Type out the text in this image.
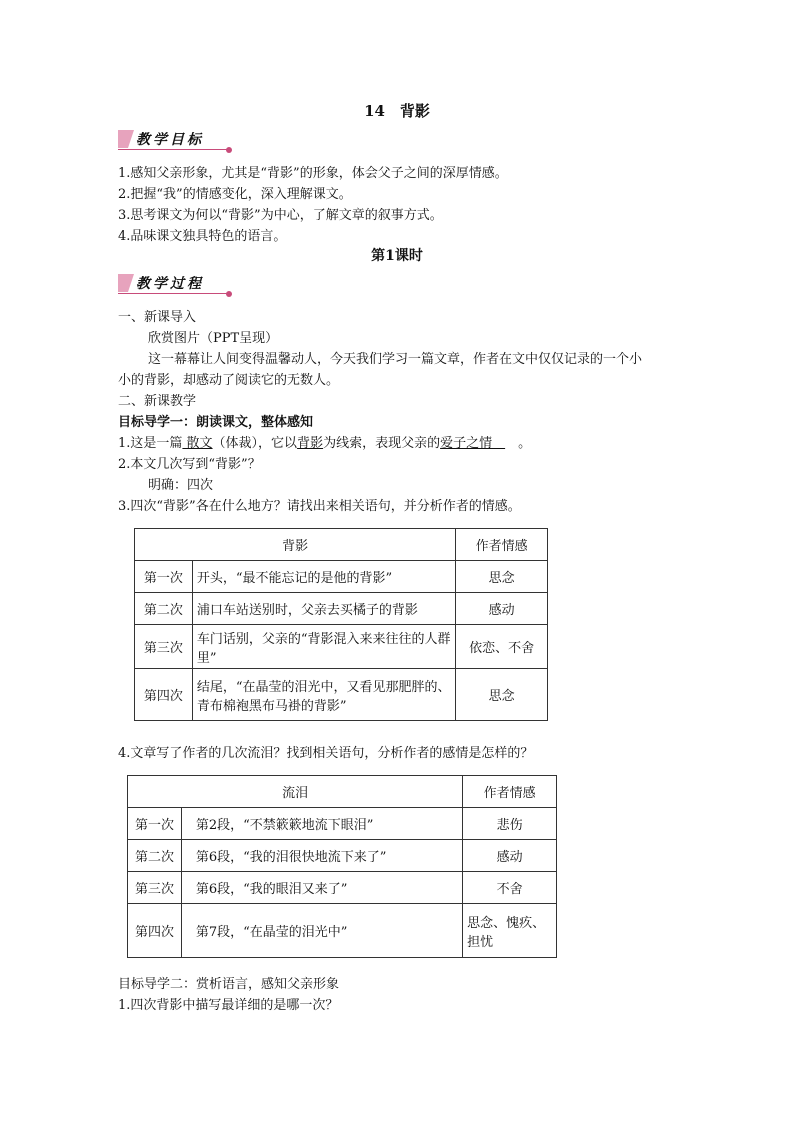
14　背影
教学目标
1.感知父亲形象，尤其是“背影”的形象，体会父子之间的深厚情感。
2.把握“我”的情感变化，深入理解课文。
3.思考课文为何以“背影”为中心，了解文章的叙事方式。
4.品味课文独具特色的语言。
第1课时
教学过程
一、新课导入
欣赏图片（PPT呈现）
这一幕幕让人间变得温馨动人，今天我们学习一篇文章，作者在文中仅仅记录的一个小
小的背影，却感动了阅读它的无数人。
二、新课教学
目标导学一：朗读课文，整体感知
1.这是一篇 散文（体裁），它以背影为线索，表现父亲的爱子之情　　。
2.本文几次写到“背影”？
明确：四次
3.四次“背影”各在什么地方？请找出来相关语句，并分析作者的情感。
背影		作者情感
第一次	开头，“最不能忘记的是他的背影”	思念
第二次	浦口车站送别时，父亲去买橘子的背影	感动
第三次	车门话别，父亲的“背影混入来来往往的人群里”	依恋、不舍
第四次	结尾，“在晶莹的泪光中，又看见那肥胖的、青布棉袍黑布马褂的背影”	思念
4.文章写了作者的几次流泪？找到相关语句，分析作者的感情是怎样的？
流泪		作者情感
第一次	第2段，“不禁簌簌地流下眼泪”	悲伤
第二次	第6段，“我的泪很快地流下来了”	感动
第三次	第6段，“我的眼泪又来了”	不舍
第四次	第7段，“在晶莹的泪光中”	思念、愧疚、担忧
目标导学二：赏析语言，感知父亲形象
1.四次背影中描写最详细的是哪一次？
